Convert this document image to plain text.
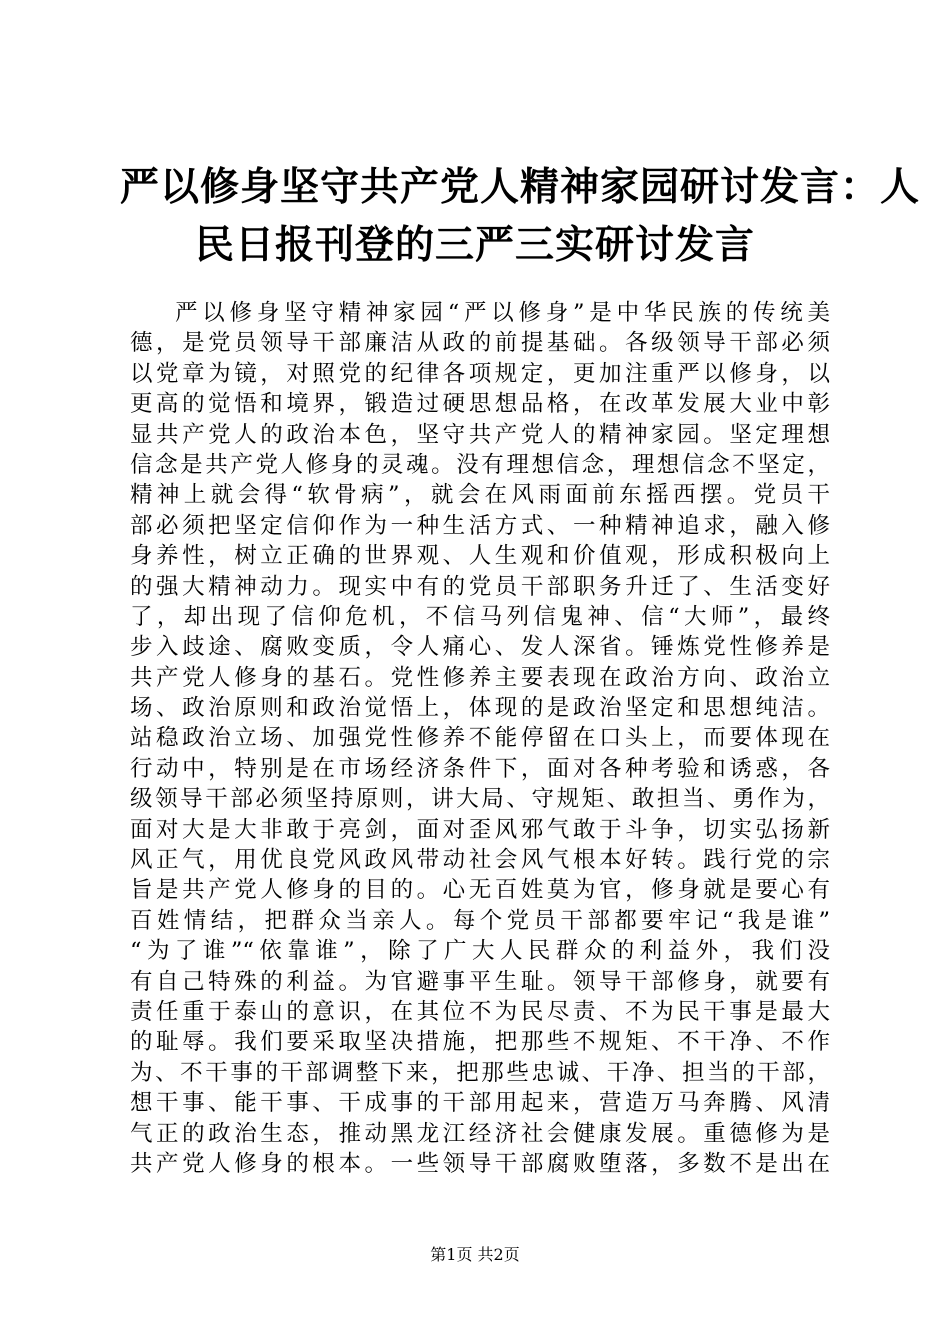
严以修身坚守共产党人精神家园研讨发言：人
民日报刊登的三严三实研讨发言
严以修身坚守精神家园“严以修身”是中华民族的传统美
德，是党员领导干部廉洁从政的前提基础。各级领导干部必须
以党章为镜，对照党的纪律各项规定，更加注重严以修身，以
更高的觉悟和境界，锻造过硬思想品格，在改革发展大业中彰
显共产党人的政治本色，坚守共产党人的精神家园。坚定理想
信念是共产党人修身的灵魂。没有理想信念，理想信念不坚定，
精神上就会得“软骨病”，就会在风雨面前东摇西摆。党员干
部必须把坚定信仰作为一种生活方式、一种精神追求，融入修
身养性，树立正确的世界观、人生观和价值观，形成积极向上
的强大精神动力。现实中有的党员干部职务升迁了、生活变好
了，却出现了信仰危机，不信马列信鬼神、信“大师”，最终
步入歧途、腐败变质，令人痛心、发人深省。锤炼党性修养是
共产党人修身的基石。党性修养主要表现在政治方向、政治立
场、政治原则和政治觉悟上，体现的是政治坚定和思想纯洁。
站稳政治立场、加强党性修养不能停留在口头上，而要体现在
行动中，特别是在市场经济条件下，面对各种考验和诱惑，各
级领导干部必须坚持原则，讲大局、守规矩、敢担当、勇作为，
面对大是大非敢于亮剑，面对歪风邪气敢于斗争，切实弘扬新
风正气，用优良党风政风带动社会风气根本好转。践行党的宗
旨是共产党人修身的目的。心无百姓莫为官，修身就是要心有
百姓情结，把群众当亲人。每个党员干部都要牢记“我是谁”
“为了谁”“依靠谁”，除了广大人民群众的利益外，我们没
有自己特殊的利益。为官避事平生耻。领导干部修身，就要有
责任重于泰山的意识，在其位不为民尽责、不为民干事是最大
的耻辱。我们要采取坚决措施，把那些不规矩、不干净、不作
为、不干事的干部调整下来，把那些忠诚、干净、担当的干部，
想干事、能干事、干成事的干部用起来，营造万马奔腾、风清
气正的政治生态，推动黑龙江经济社会健康发展。重德修为是
共产党人修身的根本。一些领导干部腐败堕落，多数不是出在
第1页 共2页
